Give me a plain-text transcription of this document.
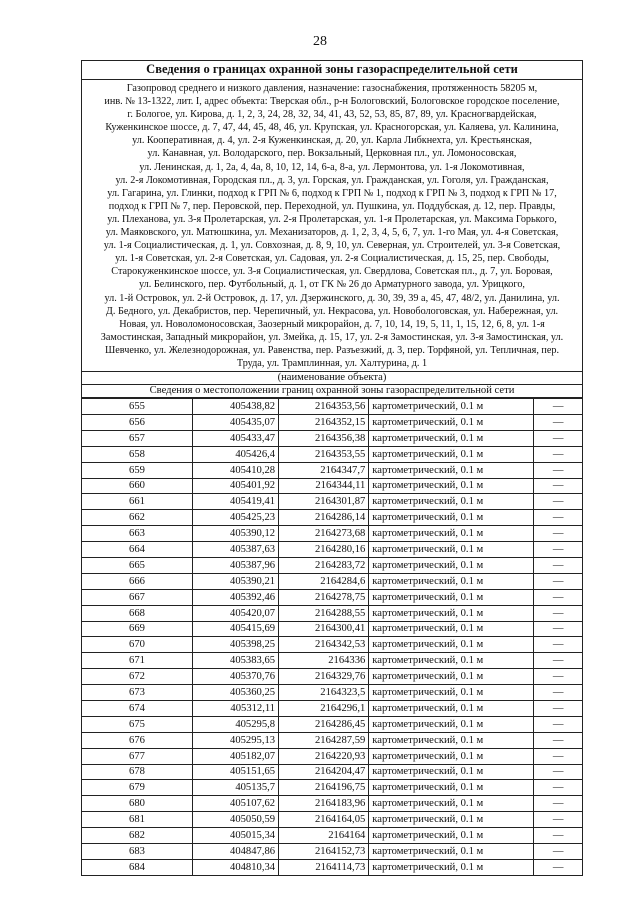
28
Сведения о границах охранной зоны газораспределительной сети
Газопровод среднего и низкого давления, назначение: газоснабжения, протяженность 58205 м,
инв. № 13-1322, лит. I, адрес объекта: Тверская обл., р-н Бологовский, Бологовское городское поселение,
г. Бологое, ул. Кирова, д. 1, 2, 3, 24, 28, 32, 34, 41, 43, 52, 53, 85, 87, 89, ул. Красногвардейская,
Куженкинское шоссе, д. 7, 47, 44, 45, 48, 46, ул. Крупская, ул. Красногорская, ул. Каляева, ул. Калинина,
ул. Кооперативная, д. 4, ул. 2-я Куженкинская, д. 20, ул. Карла Либкнехта, ул. Крестьянская,
ул. Канавная, ул. Володарского, пер. Вокзальный, Церковная пл., ул. Ломоносовская,
ул. Ленинская, д. 1, 2а, 4, 4а, 8, 10, 12, 14, 6-а, 8-а, ул. Лермонтова, ул. 1-я Локомотивная,
ул. 2-я Локомотивная, Городская пл., д. 3, ул. Горская, ул. Гражданская, ул. Гоголя, ул. Гражданская,
ул. Гагарина, ул. Глинки, подход к ГРП № 6, подход к ГРП № 1, подход к ГРП № 3, подход к ГРП № 17,
подход к ГРП № 7, пер. Перовской, пер. Переходной, ул. Пушкина, ул. Поддубская, д. 12, пер. Правды,
ул. Плеханова, ул. 3-я Пролетарская, ул. 2-я Пролетарская, ул. 1-я Пролетарская, ул. Максима Горького,
ул. Маяковского, ул. Матюшкина, ул. Механизаторов, д. 1, 2, 3, 4, 5, 6, 7, ул. 1-го Мая, ул. 4-я Советская,
ул. 1-я Социалистическая, д. 1, ул. Совхозная, д. 8, 9, 10, ул. Северная, ул. Строителей, ул. 3-я Советская,
ул. 1-я Советская, ул. 2-я Советская, ул. Садовая, ул. 2-я Социалистическая, д. 15, 25, пер. Свободы,
Старокуженкинское шоссе, ул. 3-я Социалистическая, ул. Свердлова, Советская пл., д. 7, ул. Боровая,
ул. Белинского, пер. Футбольный, д. 1, от ГК № 26 до Арматурного завода, ул. Урицкого,
ул. 1-й Островок, ул. 2-й Островок, д. 17, ул. Дзержинского, д. 30, 39, 39 а, 45, 47, 48/2, ул. Данилина, ул.
Д. Бедного, ул. Декабристов, пер. Черепичный, ул. Некрасова, ул. Новобологовская, ул. Набережная, ул.
Новая, ул. Новоломоносовская, Заозерный микрорайон, д. 7, 10, 14, 19, 5, 11, 1, 15, 12, 6, 8, ул. 1-я
Замостинская, Западный микрорайон, ул. Змейка, д. 15, 17, ул. 2-я Замостинская, ул. 3-я Замостинская, ул.
Шевченко, ул. Железнодорожная, ул. Равенства, пер. Разъезжий, д. 3, пер. Торфяной, ул. Тепличная, пер.
Труда, ул. Трамплинная, ул. Халтурина, д. 1
(наименование объекта)
Сведения о местоположении границ охранной зоны газораспределительной сети
655	405438,82	2164353,56	картометрический, 0.1 м	—
656	405435,07	2164352,15	картометрический, 0.1 м	—
657	405433,47	2164356,38	картометрический, 0.1 м	—
658	405426,4	2164353,55	картометрический, 0.1 м	—
659	405410,28	2164347,7	картометрический, 0.1 м	—
660	405401,92	2164344,11	картометрический, 0.1 м	—
661	405419,41	2164301,87	картометрический, 0.1 м	—
662	405425,23	2164286,14	картометрический, 0.1 м	—
663	405390,12	2164273,68	картометрический, 0.1 м	—
664	405387,63	2164280,16	картометрический, 0.1 м	—
665	405387,96	2164283,72	картометрический, 0.1 м	—
666	405390,21	2164284,6	картометрический, 0.1 м	—
667	405392,46	2164278,75	картометрический, 0.1 м	—
668	405420,07	2164288,55	картометрический, 0.1 м	—
669	405415,69	2164300,41	картометрический, 0.1 м	—
670	405398,25	2164342,53	картометрический, 0.1 м	—
671	405383,65	2164336	картометрический, 0.1 м	—
672	405370,76	2164329,76	картометрический, 0.1 м	—
673	405360,25	2164323,5	картометрический, 0.1 м	—
674	405312,11	2164296,1	картометрический, 0.1 м	—
675	405295,8	2164286,45	картометрический, 0.1 м	—
676	405295,13	2164287,59	картометрический, 0.1 м	—
677	405182,07	2164220,93	картометрический, 0.1 м	—
678	405151,65	2164204,47	картометрический, 0.1 м	—
679	405135,7	2164196,75	картометрический, 0.1 м	—
680	405107,62	2164183,96	картометрический, 0.1 м	—
681	405050,59	2164164,05	картометрический, 0.1 м	—
682	405015,34	2164164	картометрический, 0.1 м	—
683	404847,86	2164152,73	картометрический, 0.1 м	—
684	404810,34	2164114,73	картометрический, 0.1 м	—
